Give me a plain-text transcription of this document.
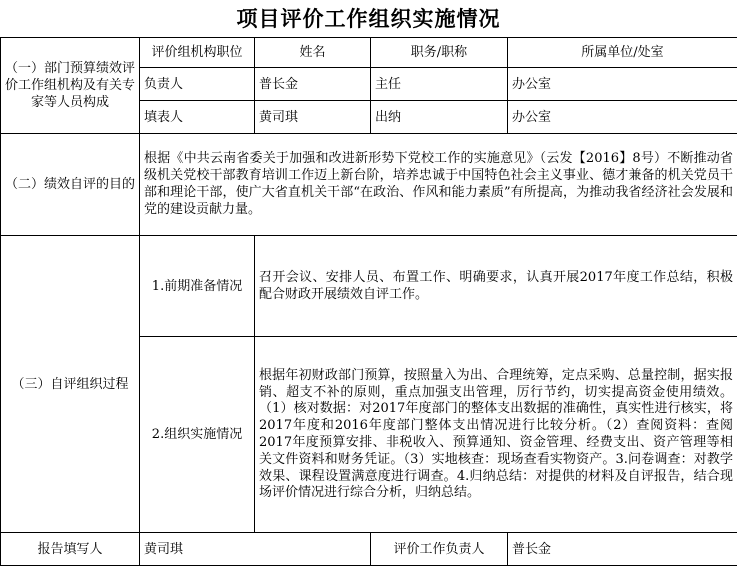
项目评价工作组织实施情况
（一）部门预算绩效评价工作组机构及有关专家等人员构成	评价组机构职位	姓名	职务/职称	所属单位/处室
	负责人	普长金	主任	办公室
	填表人	黄司琪	出纳	办公室
（二）绩效自评的目的	根据《中共云南省委关于加强和改进新形势下党校工作的实施意见》（云发【2016】8号）不断推动省级机关党校干部教育培训工作迈上新台阶，培养忠诚于中国特色社会主义事业、德才兼备的机关党员干部和理论干部，使广大省直机关干部“在政治、作风和能力素质”有所提高，为推动我省经济社会发展和党的建设贡献力量。			
（三）自评组织过程	1.前期准备情况	召开会议、安排人员、布置工作、明确要求，认真开展2017年度工作总结，积极配合财政开展绩效自评工作。		
	2.组织实施情况	根据年初财政部门预算，按照量入为出、合理统筹，定点采购、总量控制，据实报销、超支不补的原则，重点加强支出管理，厉行节约，切实提高资金使用绩效。（1）核对数据：对2017年度部门的整体支出数据的准确性，真实性进行核实，将2017年度和2016年度部门整体支出情况进行比较分析。（2）查阅资料：查阅2017年度预算安排、非税收入、预算通知、资金管理、经费支出、资产管理等相关文件资料和财务凭证。（3）实地核查：现场查看实物资产。3.问卷调查：对教学效果、课程设置满意度进行调查。4.归纳总结：对提供的材料及自评报告，结合现场评价情况进行综合分析，归纳总结。		
报告填写人	黄司琪		评价工作负责人	普长金
